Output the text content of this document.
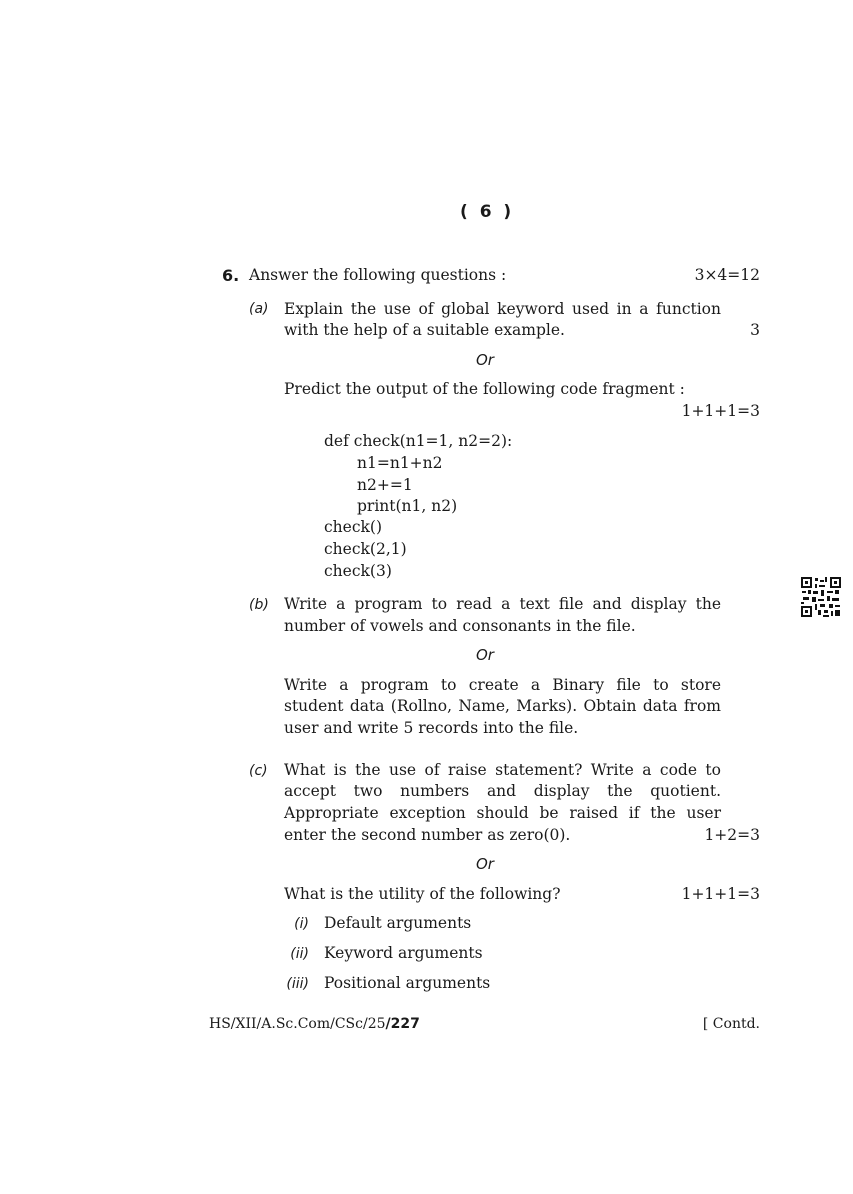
( 6 )
6. Answer the following questions :	3×4=12
(a) Explain the use of global keyword used in a function
with the help of a suitable example.	3
Or
Predict the output of the following code fragment :
1+1+1=3
def check(n1=1, n2=2):
n1=n1+n2
n2+=1
print(n1, n2)
check()
check(2,1)
check(3)
(b) Write a program to read a text file and display the
number of vowels and consonants in the file.
Or
Write a program to create a Binary file to store
student data (Rollno, Name, Marks). Obtain data from
user and write 5 records into the file.
(c) What is the use of raise statement? Write a code to
accept two numbers and display the quotient.
Appropriate exception should be raised if the user
enter the second number as zero(0).	1+2=3
Or
What is the utility of the following?	1+1+1=3
(i) Default arguments
(ii) Keyword arguments
(iii) Positional arguments
HS/XII/A.Sc.Com/CSc/25/227	[ Contd.
